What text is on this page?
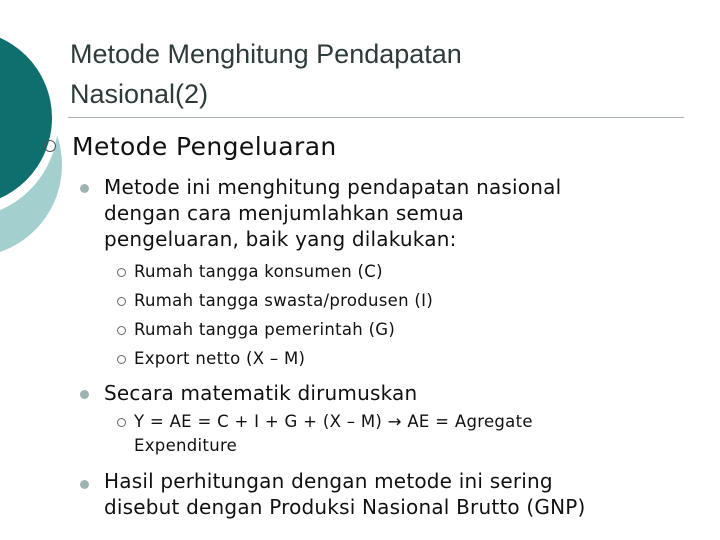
Metode Menghitung Pendapatan
Nasional(2)
Metode Pengeluaran
Metode ini menghitung pendapatan nasional
dengan cara menjumlahkan semua
pengeluaran, baik yang dilakukan:
Rumah tangga konsumen (C)
Rumah tangga swasta/produsen (I)
Rumah tangga pemerintah (G)
Export netto (X – M)
Secara matematik dirumuskan
Y = AE = C + I + G + (X – M) → AE = Agregate
Expenditure
Hasil perhitungan dengan metode ini sering
disebut dengan Produksi Nasional Brutto (GNP)
